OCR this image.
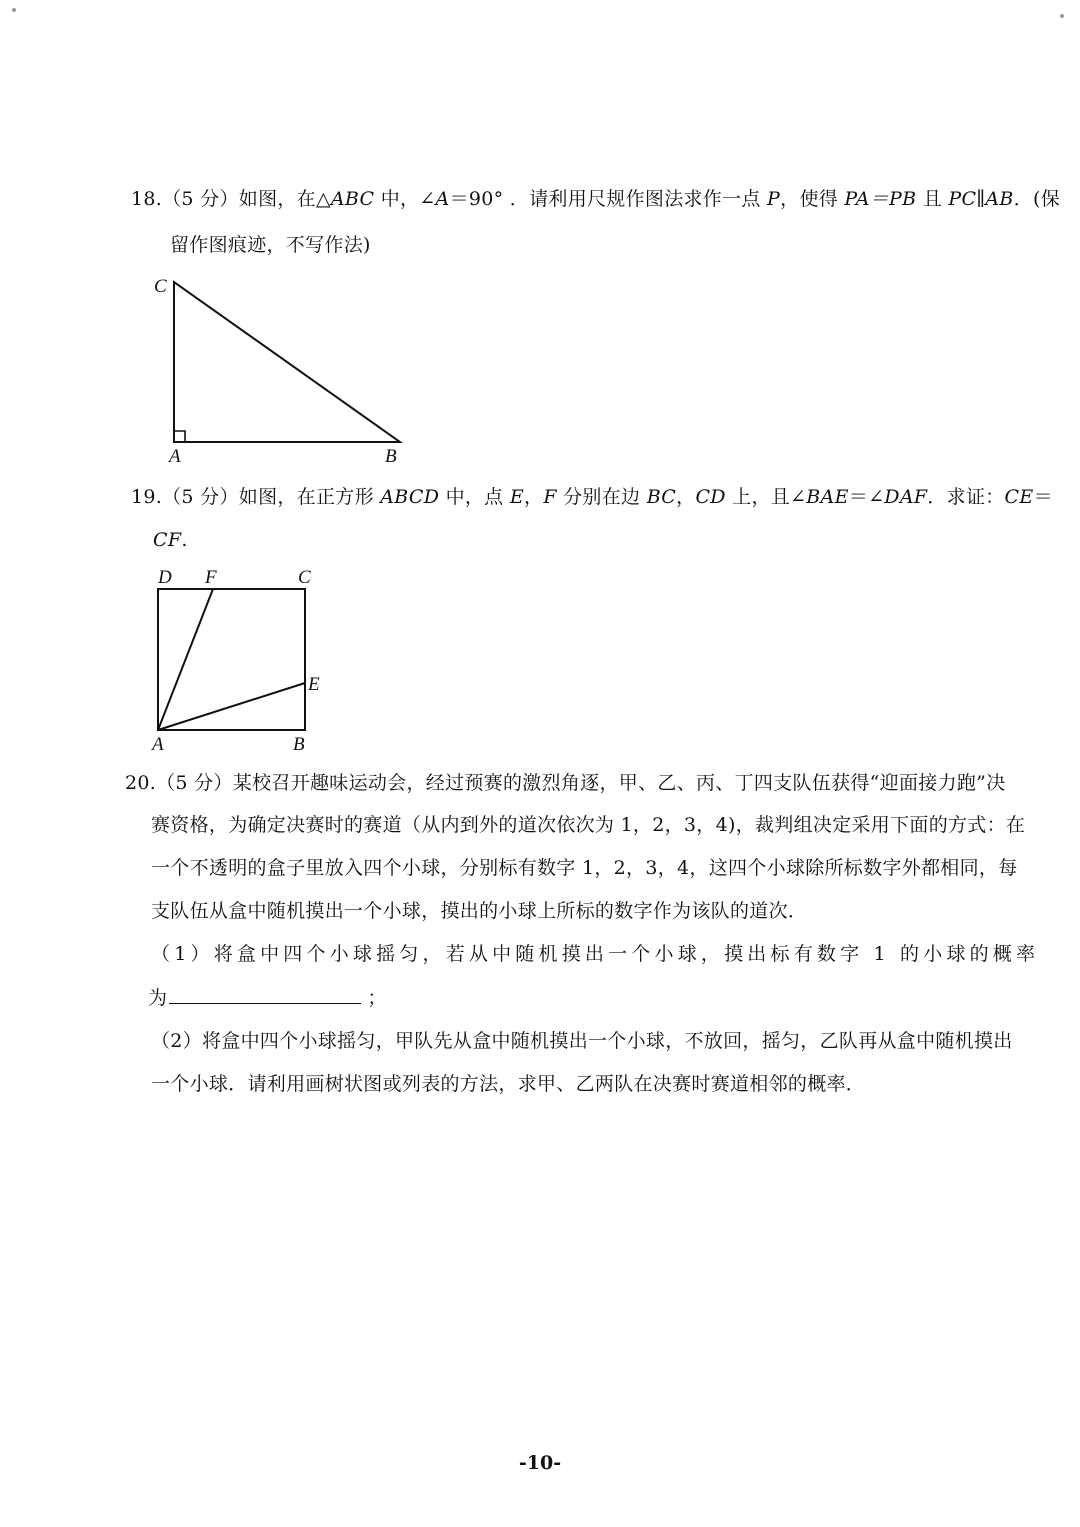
18.（5 分）如图，在△ABC 中，∠A＝90° ．请利用尺规作图法求作一点 P，使得 PA＝PB 且 PC∥AB．(保
留作图痕迹，不写作法)
C
A	B
19.（5 分）如图，在正方形 ABCD 中，点 E，F 分别在边 BC，CD 上，且∠BAE＝∠DAF．求证：CE＝
CF.
D F	C
E
A	B
20.（5 分）某校召开趣味运动会，经过预赛的激烈角逐，甲、乙、丙、丁四支队伍获得“迎面接力跑”决
赛资格，为确定决赛时的赛道（从内到外的道次依次为 1，2，3，4)，裁判组决定采用下面的方式：在
一个不透明的盒子里放入四个小球，分别标有数字 1，2，3，4，这四个小球除所标数字外都相同，每
支队伍从盒中随机摸出一个小球，摸出的小球上所标的数字作为该队的道次．
（1）将盒中四个小球摇匀，若从中随机摸出一个小球，摸出标有数字 1 的小球的概率
为	；
（2）将盒中四个小球摇匀，甲队先从盒中随机摸出一个小球，不放回，摇匀，乙队再从盒中随机摸出
一个小球．请利用画树状图或列表的方法，求甲、乙两队在决赛时赛道相邻的概率．
-10-
